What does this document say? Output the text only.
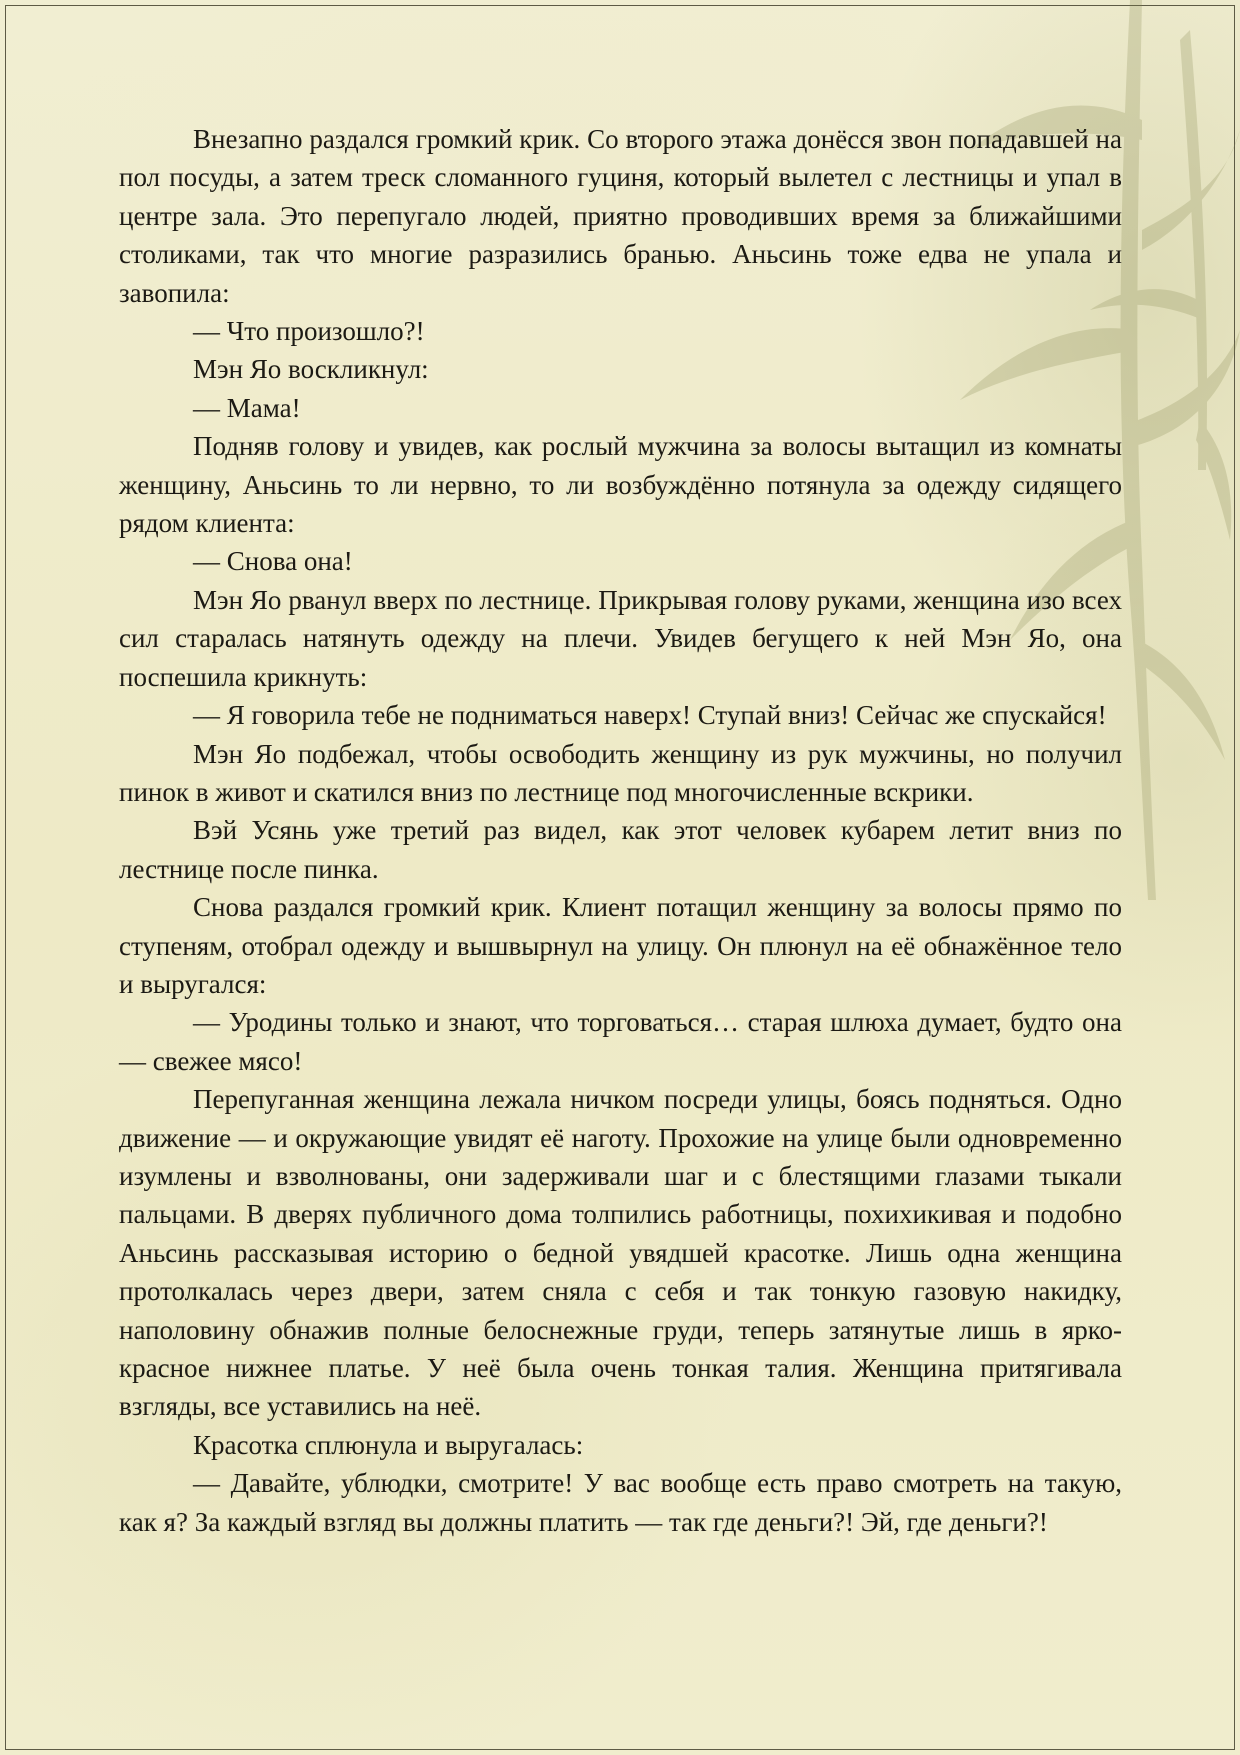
Внезапно раздался громкий крик. Со второго этажа донёсся звон попадавшей на пол посуды, а затем треск сломанного гуциня, который вылетел с лестницы и упал в центре зала. Это перепугало людей, приятно проводивших время за ближайшими столиками, так что многие разразились бранью. Аньсинь тоже едва не упала и завопила:

— Что произошло?!

Мэн Яо воскликнул:

— Мама!

Подняв голову и увидев, как рослый мужчина за волосы вытащил из комнаты женщину, Аньсинь то ли нервно, то ли возбуждённо потянула за одежду сидящего рядом клиента:

— Снова она!

Мэн Яо рванул вверх по лестнице. Прикрывая голову руками, женщина изо всех сил старалась натянуть одежду на плечи. Увидев бегущего к ней Мэн Яо, она поспешила крикнуть:

— Я говорила тебе не подниматься наверх! Ступай вниз! Сейчас же спускайся!

Мэн Яо подбежал, чтобы освободить женщину из рук мужчины, но получил пинок в живот и скатился вниз по лестнице под многочисленные вскрики.

Вэй Усянь уже третий раз видел, как этот человек кубарем летит вниз по лестнице после пинка.

Снова раздался громкий крик. Клиент потащил женщину за волосы прямо по ступеням, отобрал одежду и вышвырнул на улицу. Он плюнул на её обнажённое тело и выругался:

— Уродины только и знают, что торговаться… старая шлюха думает, будто она — свежее мясо!

Перепуганная женщина лежала ничком посреди улицы, боясь подняться. Одно движение — и окружающие увидят её наготу. Прохожие на улице были одновременно изумлены и взволнованы, они задерживали шаг и с блестящими глазами тыкали пальцами. В дверях публичного дома толпились работницы, похихикивая и подобно Аньсинь рассказывая историю о бедной увядшей красотке. Лишь одна женщина протолкалась через двери, затем сняла с себя и так тонкую газовую накидку, наполовину обнажив полные белоснежные груди, теперь затянутые лишь в ярко-красное нижнее платье. У неё была очень тонкая талия. Женщина притягивала взгляды, все уставились на неё.

Красотка сплюнула и выругалась:

— Давайте, ублюдки, смотрите! У вас вообще есть право смотреть на такую, как я? За каждый взгляд вы должны платить — так где деньги?! Эй, где деньги?!
